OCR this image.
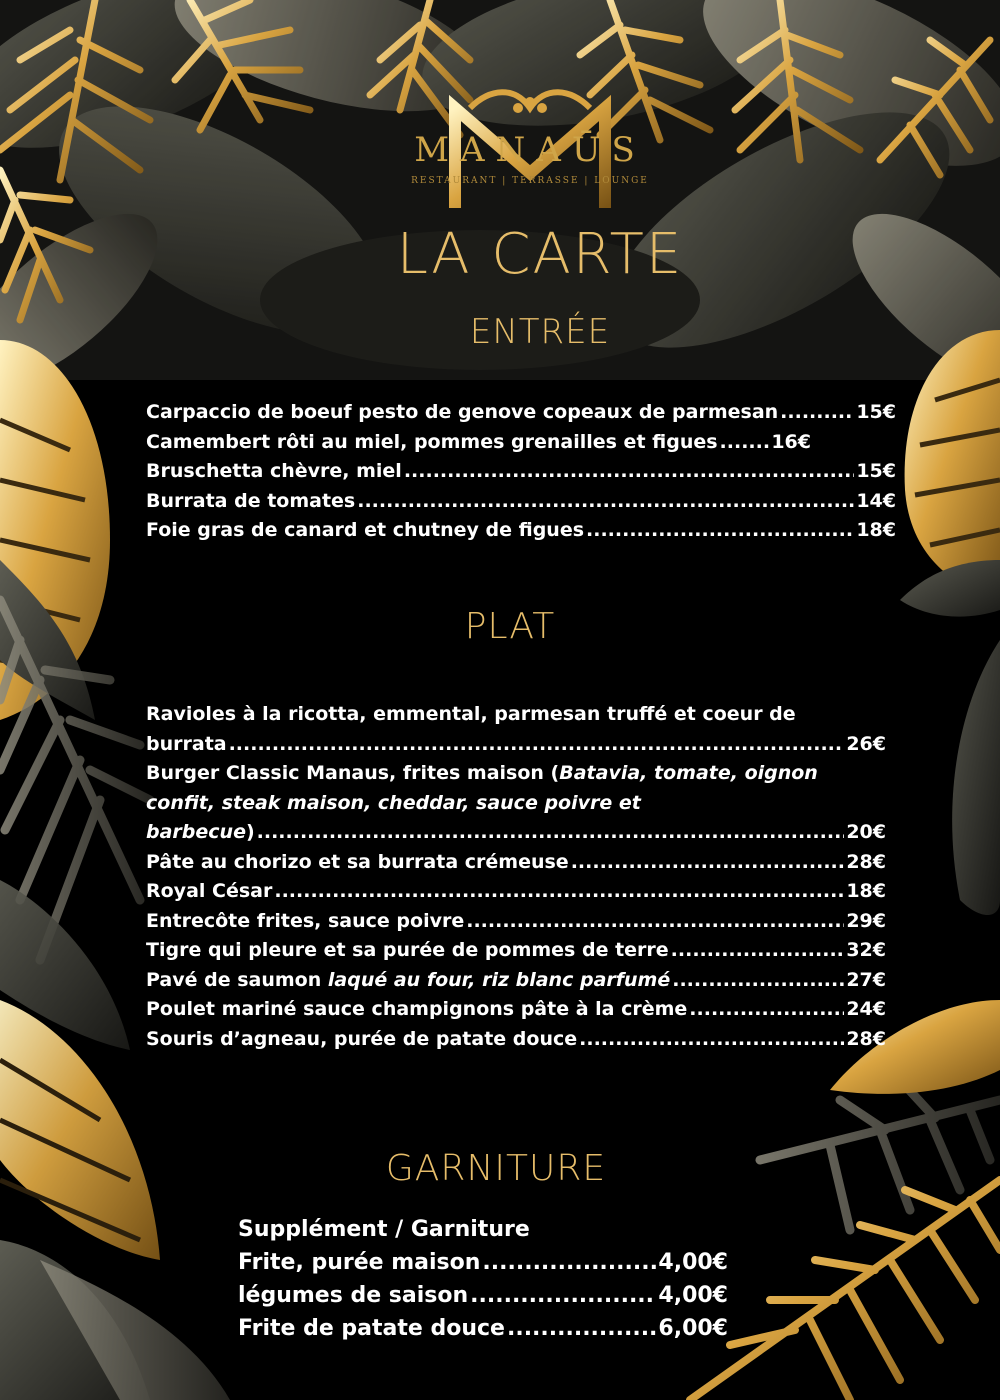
MANAŪS
RESTAURANT | TERRASSE | LOUNGE
LA CARTE
ENTRÉE
Carpaccio de boeuf pesto de genove copeaux de parmesan .....	15€
Camembert rôti au miel, pommes grenailles et figues .....	16€
Bruschetta chèvre, miel .....	15€
Burrata de tomates .....	14€
Foie gras de canard et chutney de figues .....	18€
PLAT
Ravioles à la ricotta, emmental, parmesan truffé et coeur de
burrata .....	26€
Burger Classic Manaus, frites maison (Batavia, tomate, oignon
confit, steak maison, cheddar, sauce poivre et
barbecue ) .....	20€
Pâte au chorizo et sa burrata crémeuse .....	28€
Royal César .....	18€
Entrecôte frites, sauce poivre .....	29€
Tigre qui pleure et sa purée de pommes de terre .....	32€
Pavé de saumon
laqué au four, riz blanc parfumé .....	27€
Poulet mariné sauce champignons pâte à la crème .....	24€
Souris d’agneau, purée de patate douce .....	28€
GARNITURE
Supplément / Garniture
Frite, purée maison .....	4,00€
légumes de saison .....	4,00€
Frite de patate douce .....	6,00€
